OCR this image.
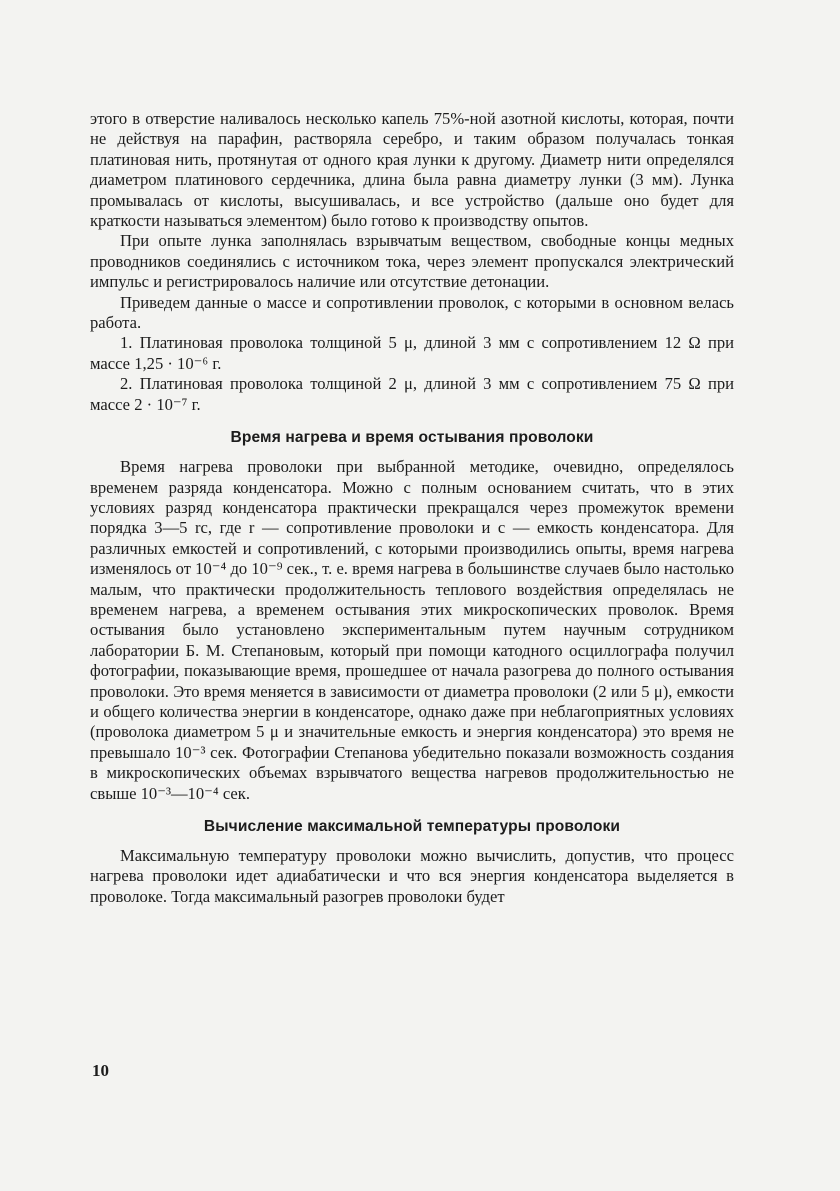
этого в отверстие наливалось несколько капель 75%-ной азотной кислоты, которая, почти не действуя на парафин, растворяла серебро, и таким образом получалась тонкая платиновая нить, протянутая от одного края лунки к другому. Диаметр нити определялся диаметром платинового сердечника, длина была равна диаметру лунки (3 мм). Лунка промывалась от кислоты, высушивалась, и все устройство (дальше оно будет для краткости называться элементом) было готово к производству опытов.

При опыте лунка заполнялась взрывчатым веществом, свободные концы медных проводников соединялись с источником тока, через элемент пропускался электрический импульс и регистрировалось наличие или отсутствие детонации.

Приведем данные о массе и сопротивлении проволок, с которыми в основном велась работа.

1. Платиновая проволока толщиной 5 μ, длиной 3 мм с сопротивлением 12 Ω при массе 1,25 · 10⁻⁶ г.

2. Платиновая проволока толщиной 2 μ, длиной 3 мм с сопротивлением 75 Ω при массе 2 · 10⁻⁷ г.

Время нагрева и время остывания проволоки

Время нагрева проволоки при выбранной методике, очевидно, определялось временем разряда конденсатора. Можно с полным основанием считать, что в этих условиях разряд конденсатора практически прекращался через промежуток времени порядка 3—5 rc, где r — сопротивление проволоки и c — емкость конденсатора. Для различных емкостей и сопротивлений, с которыми производились опыты, время нагрева изменялось от 10⁻⁴ до 10⁻⁹ сек., т. е. время нагрева в большинстве случаев было настолько малым, что практически продолжительность теплового воздействия определялась не временем нагрева, а временем остывания этих микроскопических проволок. Время остывания было установлено экспериментальным путем научным сотрудником лаборатории Б. М. Степановым, который при помощи катодного осциллографа получил фотографии, показывающие время, прошедшее от начала разогрева до полного остывания проволоки. Это время меняется в зависимости от диаметра проволоки (2 или 5 μ), емкости и общего количества энергии в конденсаторе, однако даже при неблагоприятных условиях (проволока диаметром 5 μ и значительные емкость и энергия конденсатора) это время не превышало 10⁻³ сек. Фотографии Степанова убедительно показали возможность создания в микроскопических объемах взрывчатого вещества нагревов продолжительностью не свыше 10⁻³—10⁻⁴ сек.

Вычисление максимальной температуры проволоки

Максимальную температуру проволоки можно вычислить, допустив, что процесс нагрева проволоки идет адиабатически и что вся энергия конденсатора выделяется в проволоке. Тогда максимальный разогрев проволоки будет

10
